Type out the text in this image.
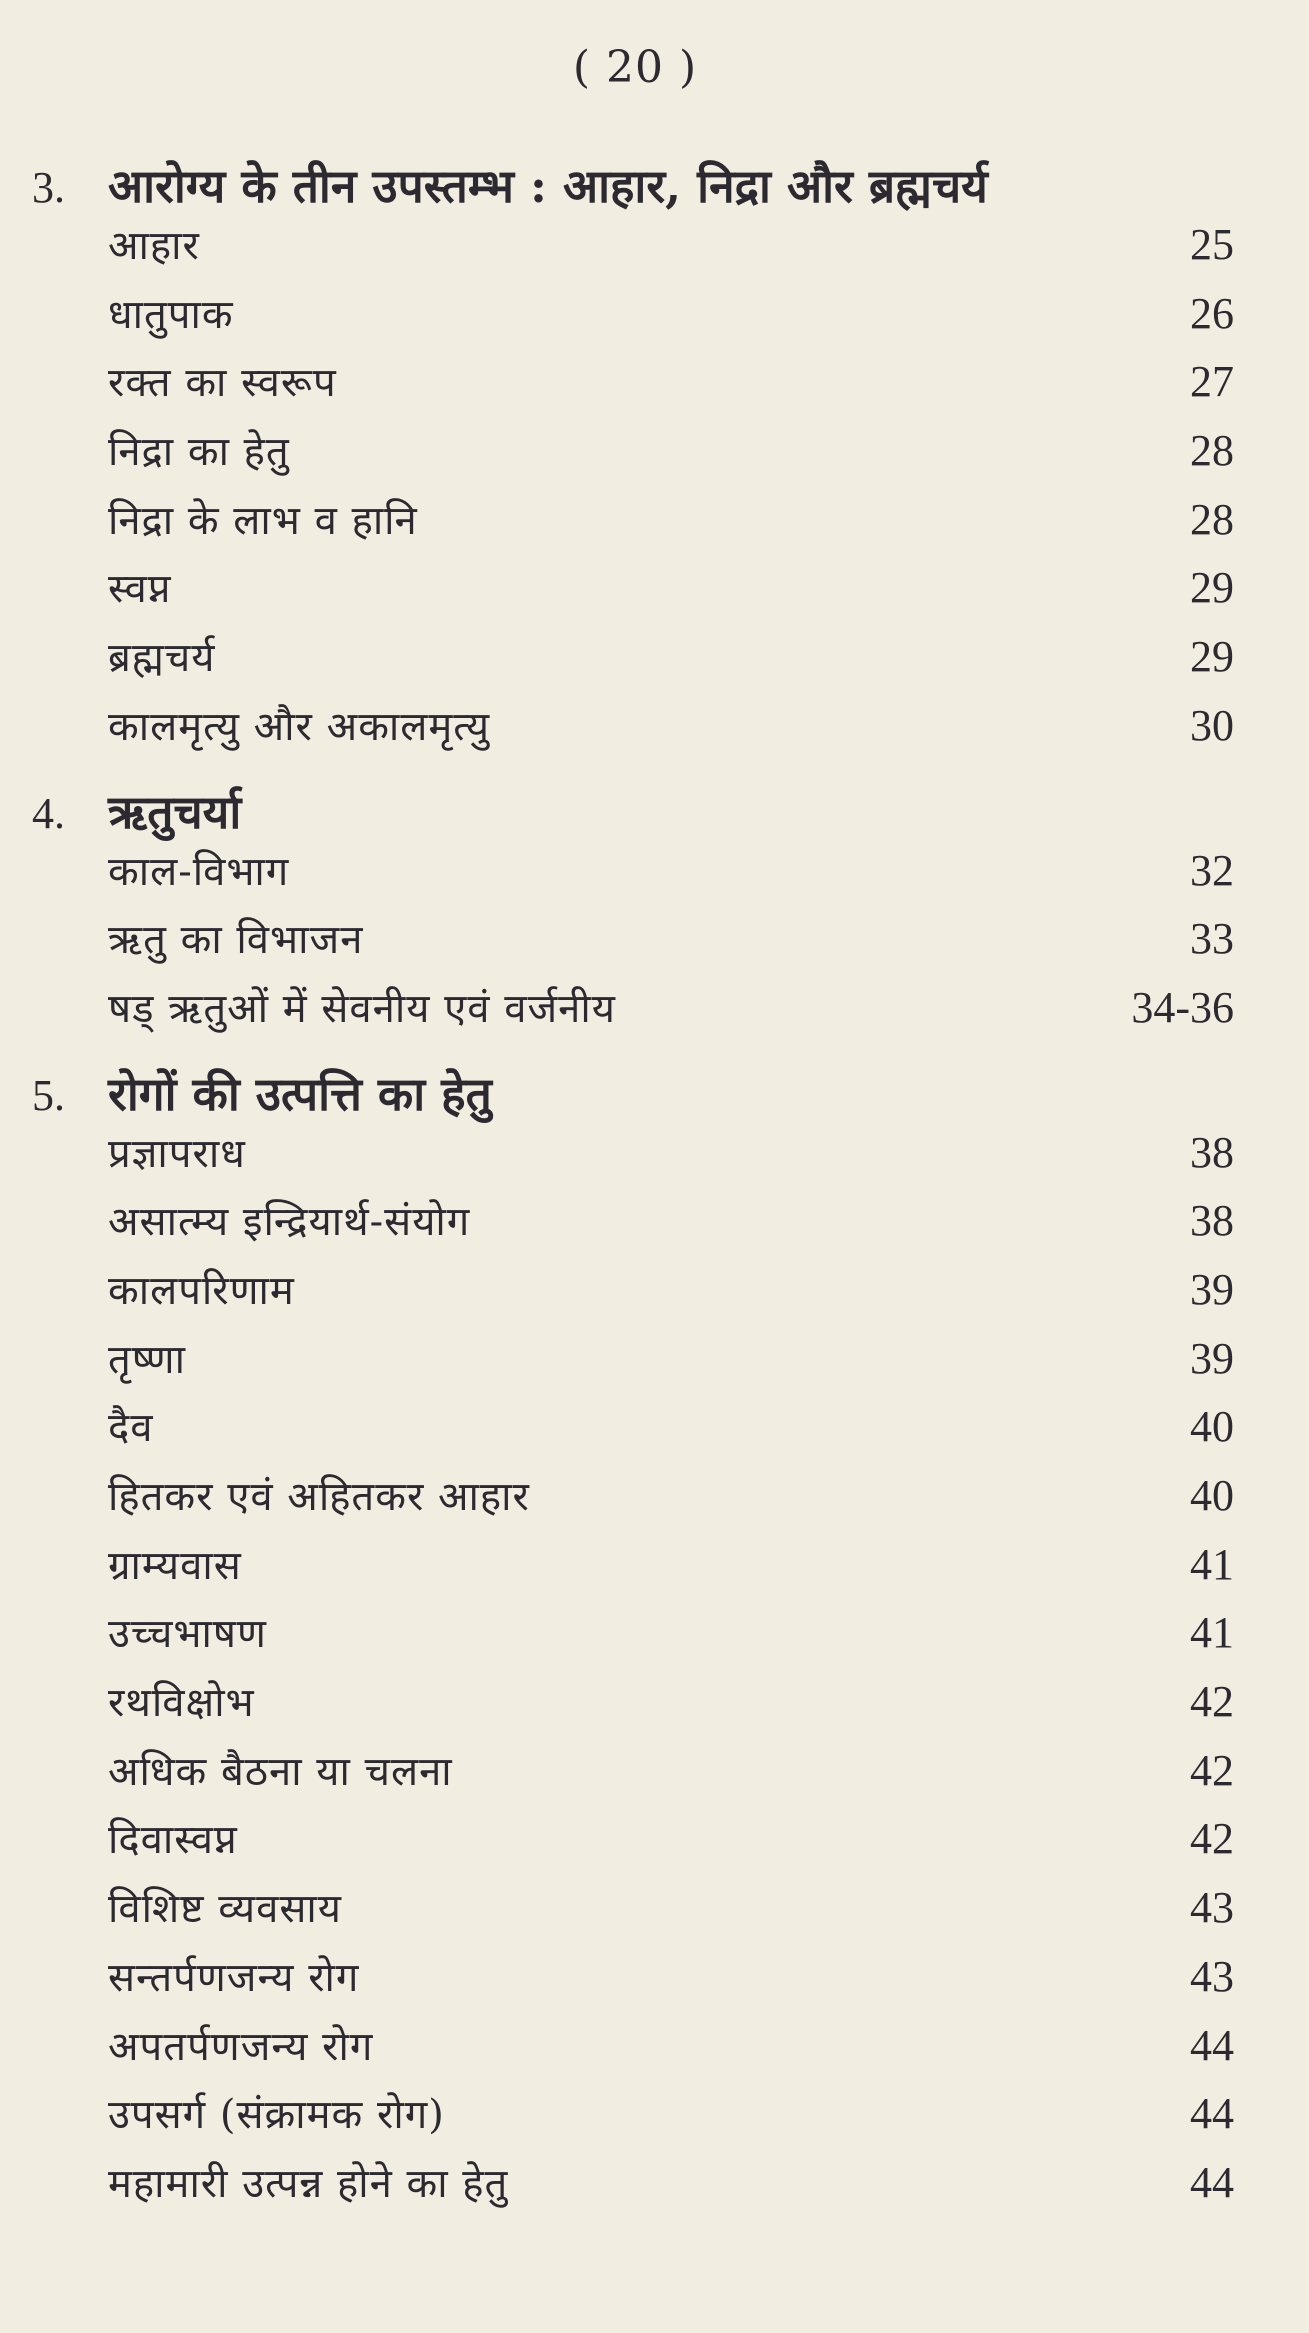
( 20 )
3. आरोग्य के तीन उपस्तम्भ : आहार, निद्रा और ब्रह्मचर्य
आहार	25
धातुपाक	26
रक्त का स्वरूप	27
निद्रा का हेतु	28
निद्रा के लाभ व हानि	28
स्वप्न	29
ब्रह्मचर्य	29
कालमृत्यु और अकालमृत्यु	30
4. ऋतुचर्या
काल-विभाग	32
ऋतु का विभाजन	33
षड् ऋतुओं में सेवनीय एवं वर्जनीय	34-36
5. रोगों की उत्पत्ति का हेतु
प्रज्ञापराध	38
असात्म्य इन्द्रियार्थ-संयोग	38
कालपरिणाम	39
तृष्णा	39
दैव	40
हितकर एवं अहितकर आहार	40
ग्राम्यवास	41
उच्चभाषण	41
रथविक्षोभ	42
अधिक बैठना या चलना	42
दिवास्वप्न	42
विशिष्ट व्यवसाय	43
सन्तर्पणजन्य रोग	43
अपतर्पणजन्य रोग	44
उपसर्ग (संक्रामक रोग)	44
महामारी उत्पन्न होने का हेतु	44
